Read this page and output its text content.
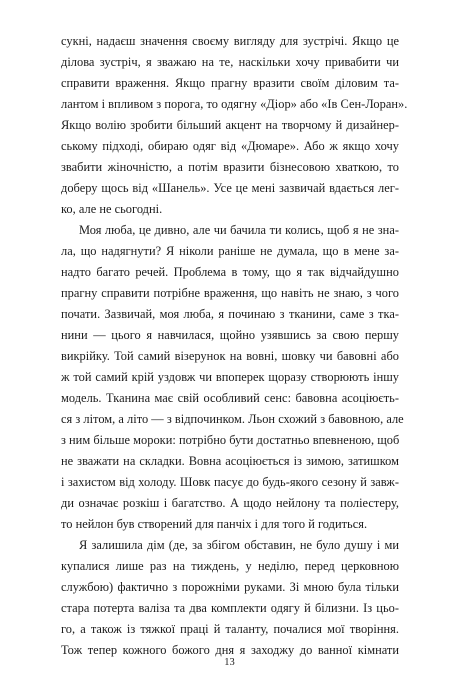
сукні, надаєш значення своєму вигляду для зустрічі. Якщо це
ділова зустріч, я зважаю на те, наскільки хочу привабити чи
справити враження. Якщо прагну вразити своїм діловим та-
лантом і впливом з порога, то одягну «Діор» або «Ів Сен-Лоран».
Якщо волію зробити більший акцент на творчому й дизайнер-
ському підході, обираю одяг від «Дюмаре». Або ж якщо хочу
звабити жіночністю, а потім вразити бізнесовою хваткою, то
доберу щось від «Шанель». Усе це мені зазвичай вдається лег-
ко, але не сьогодні.
Моя люба, це дивно, але чи бачила ти колись, щоб я не зна-
ла, що надягнути? Я ніколи раніше не думала, що в мене за-
надто багато речей. Проблема в тому, що я так відчайдушно
прагну справити потрібне враження, що навіть не знаю, з чого
почати. Зазвичай, моя люба, я починаю з тканини, саме з тка-
нини — цього я навчилася, щойно узявшись за свою першу
викрійку. Той самий візерунок на вовні, шовку чи бавовні або
ж той самий крій уздовж чи впоперек щоразу створюють іншу
модель. Тканина має свій особливий сенс: бавовна асоціюєть-
ся з літом, а літо — з відпочинком. Льон схожий з бавовною, але
з ним більше мороки: потрібно бути достатньо впевненою, щоб
не зважати на складки. Вовна асоціюється із зимою, затишком
і захистом від холоду. Шовк пасує до будь-якого сезону й завж-
ди означає розкіш і багатство. А щодо нейлону та поліестеру,
то нейлон був створений для панчіх і для того й годиться.
Я залишила дім (де, за збігом обставин, не було душу і ми
купалися лише раз на тиждень, у неділю, перед церковною
службою) фактично з порожніми руками. Зі мною була тільки
стара потерта валіза та два комплекти одягу й білизни. Із цьо-
го, а також із тяжкої праці й таланту, почалися мої творіння.
Тож тепер кожного божого дня я заходжу до ванної кімнати
13
